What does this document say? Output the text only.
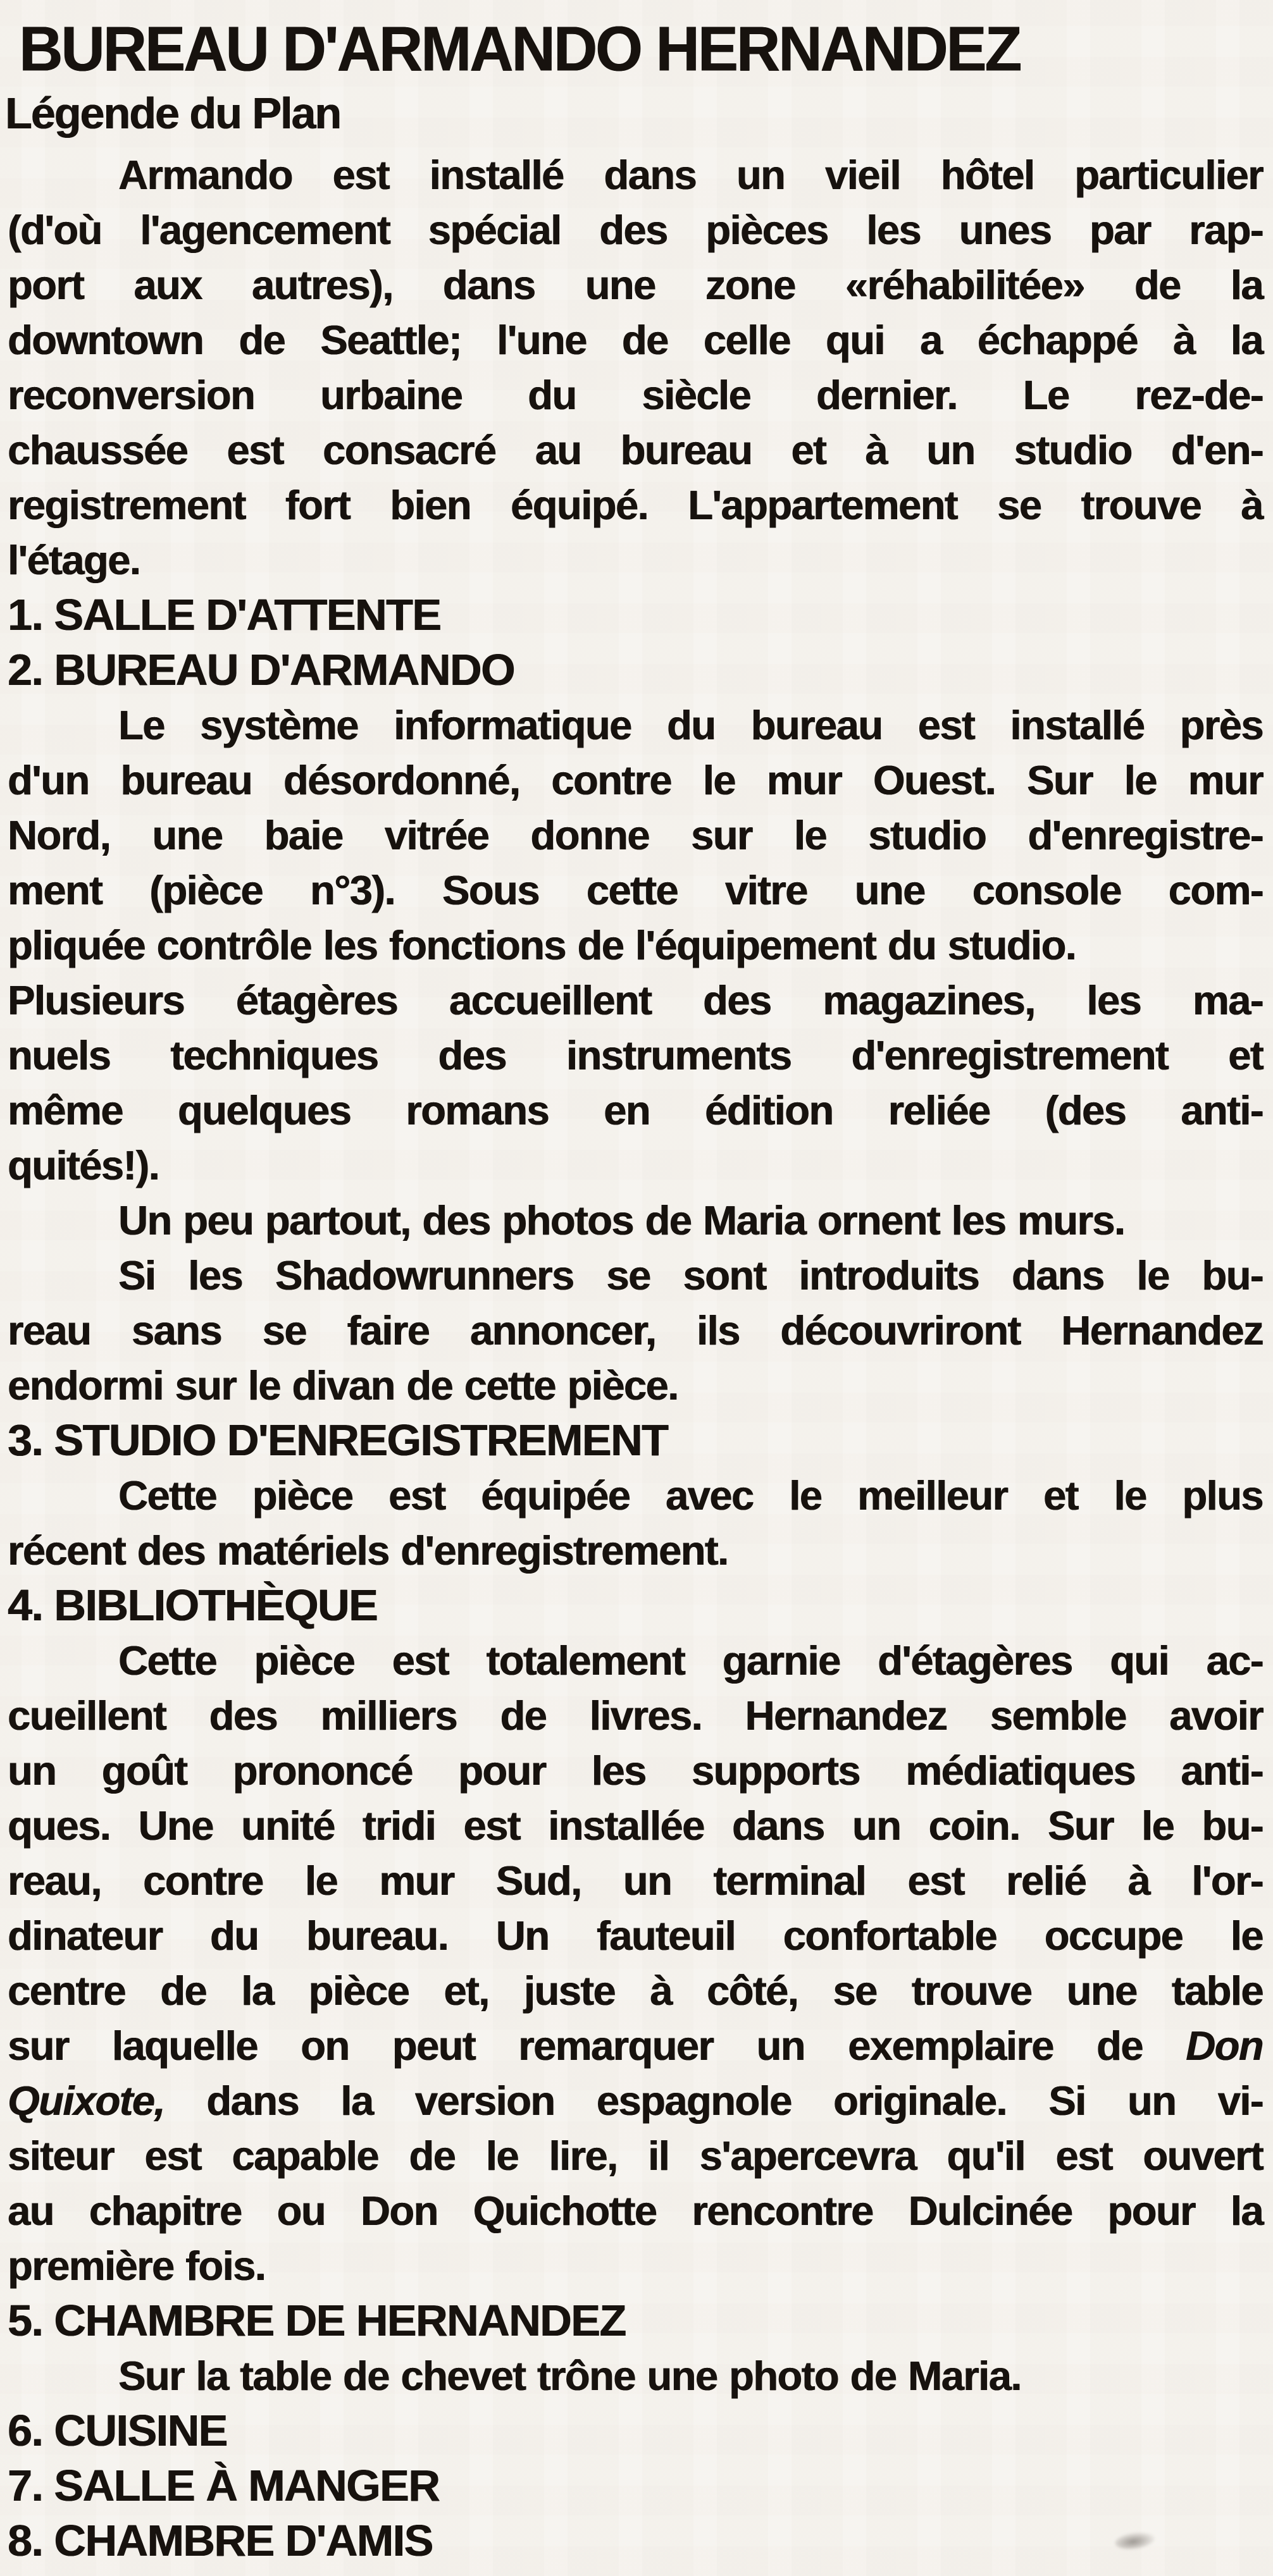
BUREAU D'ARMANDO HERNANDEZ
Légende du Plan
Armando est installé dans un vieil hôtel particulier
(d'où l'agencement spécial des pièces les unes par rap-
port aux autres), dans une zone «réhabilitée» de la
downtown de Seattle; l'une de celle qui a échappé à la
reconversion urbaine du siècle dernier. Le rez-de-
chaussée est consacré au bureau et à un studio d'en-
registrement fort bien équipé. L'appartement se trouve à
l'étage.
1. SALLE D'ATTENTE
2. BUREAU D'ARMANDO
Le système informatique du bureau est installé près
d'un bureau désordonné, contre le mur Ouest. Sur le mur
Nord, une baie vitrée donne sur le studio d'enregistre-
ment (pièce n°3). Sous cette vitre une console com-
pliquée contrôle les fonctions de l'équipement du studio.
Plusieurs étagères accueillent des magazines, les ma-
nuels techniques des instruments d'enregistrement et
même quelques romans en édition reliée (des anti-
quités!).
Un peu partout, des photos de Maria ornent les murs.
Si les Shadowrunners se sont introduits dans le bu-
reau sans se faire annoncer, ils découvriront Hernandez
endormi sur le divan de cette pièce.
3. STUDIO D'ENREGISTREMENT
Cette pièce est équipée avec le meilleur et le plus
récent des matériels d'enregistrement.
4. BIBLIOTHÈQUE
Cette pièce est totalement garnie d'étagères qui ac-
cueillent des milliers de livres. Hernandez semble avoir
un goût prononcé pour les supports médiatiques anti-
ques. Une unité tridi est installée dans un coin. Sur le bu-
reau, contre le mur Sud, un terminal est relié à l'or-
dinateur du bureau. Un fauteuil confortable occupe le
centre de la pièce et, juste à côté, se trouve une table
sur laquelle on peut remarquer un exemplaire de Don
Quixote, dans la version espagnole originale. Si un vi-
siteur est capable de le lire, il s'apercevra qu'il est ouvert
au chapitre ou Don Quichotte rencontre Dulcinée pour la
première fois.
5. CHAMBRE DE HERNANDEZ
Sur la table de chevet trône une photo de Maria.
6. CUISINE
7. SALLE À MANGER
8. CHAMBRE D'AMIS
